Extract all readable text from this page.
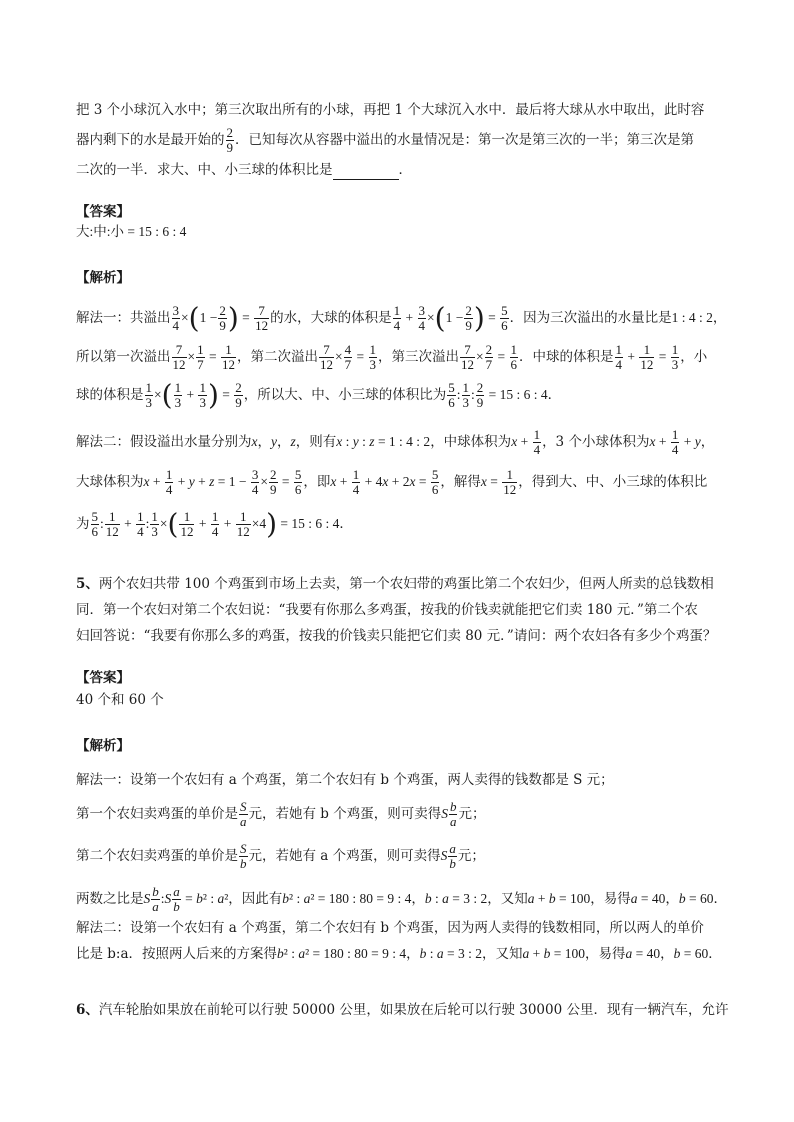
把 3 个小球沉入水中；第三次取出所有的小球，再把 1 个大球沉入水中．最后将大球从水中取出，此时容
器内剩下的水是最开始的 $\frac{2}{9}$ ．已知每次从容器中溢出的水量情况是：第一次是第三次的一半；第三次是第
二次的一半．求大、中、小三球的体积比是	．
【答案】
大:中:小 = 15 : 6 : 4
【解析】
解法一：共溢出 $\frac{3}{4} \times(1 - \frac{2}{9}$ ) = $\frac{7}{12}$ 的水，大球的体积是 $\frac{1}{4} + \frac{3}{4} \times(1 - \frac{2}{9}$ ) = $\frac{5}{6}$ ．因为三次溢出的水量比是1 : 4 : 2，
所以第一次溢出 $\frac{7}{12} \times \frac{1}{7} = \frac{1}{12}$ ，第二次溢出 $\frac{7}{12} \times \frac{4}{7} = \frac{1}{3}$ ，第三次溢出 $\frac{7}{12} \times \frac{2}{7} = \frac{1}{6}$ ．中球的体积是 $\frac{1}{4} + \frac{1}{12} = \frac{1}{3}$ ，小
球的体积是 $\frac{1}{3}$ ×( $\frac{1}{3} + \frac{1}{3}$ ) = $\frac{2}{9}$ ，所以大、中、小三球的体积比为 $\frac{5}{6}$ : $\frac{1}{3}$ : $\frac{2}{9} = 15$ : 6 : 4．
解法二：假设溢出水量分别为x，y，z，则有x : y : z = 1 : 4 : 2，中球体积为$x + \frac{1}{4}$ ，3 个小球体积为$x + \frac{1}{4} + y$，
大球体积为$x + \frac{1}{4} + y + z = 1 - \frac{3}{4} \times \frac{2}{9} = \frac{5}{6}$ ，即$x + \frac{1}{4} + 4x + 2x = \frac{5}{6}$ ，解得$x = \frac{1}{12}$ ，得到大、中、小三球的体积比
为 $\frac{5}{6}$ : $\frac{1}{12} + \frac{1}{4}$ : $\frac{1}{3}$ ×( $\frac{1}{12} + \frac{1}{4} + \frac{1}{12} \times 4) = 15$ : 6 : 4．
5、两个农妇共带 100 个鸡蛋到市场上去卖，第一个农妇带的鸡蛋比第二个农妇少，但两人所卖的总钱数相
同．第一个农妇对第二个农妇说：“我要有你那么多鸡蛋，按我的价钱卖就能把它们卖 180 元．”第二个农
妇回答说：“我要有你那么多的鸡蛋，按我的价钱卖只能把它们卖 80 元．”请问：两个农妇各有多少个鸡蛋？
【答案】
40 个和 60 个
【解析】
解法一：设第一个农妇有 a 个鸡蛋，第二个农妇有 b 个鸡蛋，两人卖得的钱数都是 S 元；
第一个农妇卖鸡蛋的单价是 $\frac{S}{a}$ 元，若她有 b 个鸡蛋，则可卖得S $\frac{b}{a}$ 元；
第二个农妇卖鸡蛋的单价是 $\frac{S}{b}$ 元，若她有 a 个鸡蛋，则可卖得S $\frac{a}{b}$ 元；
两数之比是S $\frac{b}{a}$ :S $\frac{a}{b} = b^2$ : a²，因此有b² : a² = 180 : 80 = 9 : 4，b : a = 3 : 2，又知a + b = 100，易得a = 40，b = 60．
解法二：设第一个农妇有 a 个鸡蛋，第二个农妇有 b 个鸡蛋，因为两人卖得的钱数相同，所以两人的单价
比是 b:a．按照两人后来的方案得b² : a² = 180 : 80 = 9 : 4，b : a = 3 : 2，又知a + b = 100，易得a = 40，b = 60．
6、汽车轮胎如果放在前轮可以行驶 50000 公里，如果放在后轮可以行驶 30000 公里．现有一辆汽车，允许
